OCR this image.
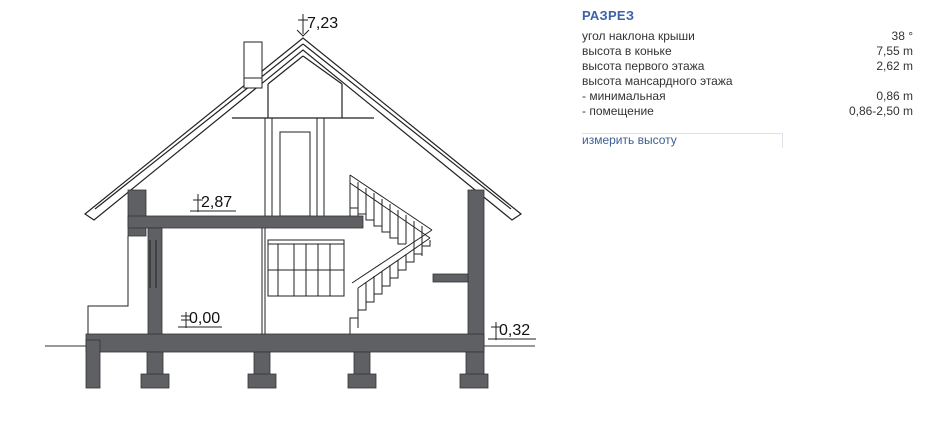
7,23
2,87
0,00
0,32
РАЗРЕЗ
угол наклона крыши	38 °
высота в коньке	7,55 m
высота первого этажа	2,62 m
высота мансардного этажа
- минимальная	0,86 m
- помещение	0,86-2,50 m
измерить высоту
